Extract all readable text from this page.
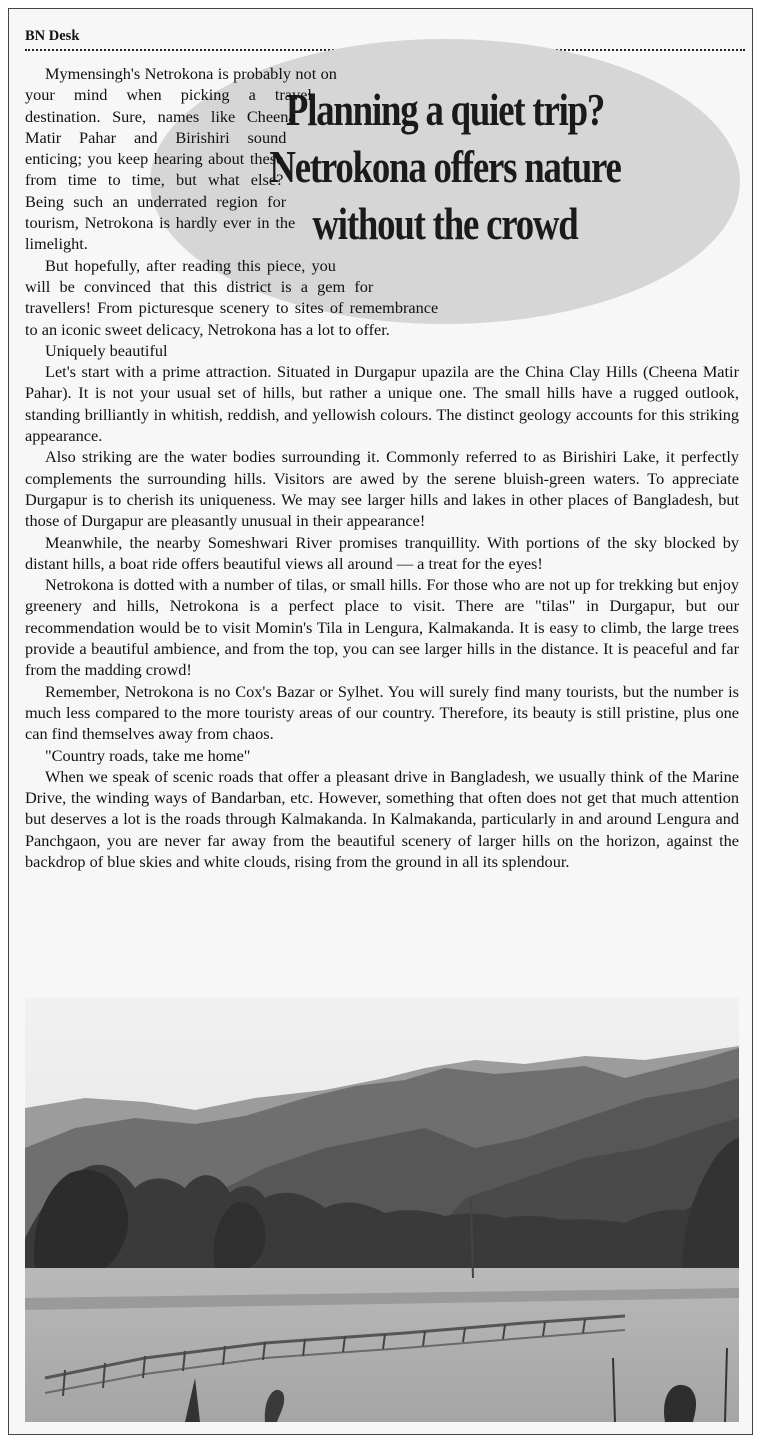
BN Desk
Planning a quiet trip?
Netrokona offers nature
without the crowd

Mymensingh's Netrokona is probably not on your mind when picking a travel destination. Sure, names like Cheena Matir Pahar and Birishiri sound enticing; you keep hearing about these from time to time, but what else? Being such an underrated region for tourism, Netrokona is hardly ever in the limelight.

But hopefully, after reading this piece, you will be convinced that this district is a gem for travellers! From picturesque scenery to sites of remembrance to an iconic sweet delicacy, Netrokona has a lot to offer.

Uniquely beautiful

Let's start with a prime attraction. Situated in Durgapur upazila are the China Clay Hills (Cheena Matir Pahar). It is not your usual set of hills, but rather a unique one. The small hills have a rugged outlook, standing brilliantly in whitish, reddish, and yellowish colours. The distinct geology accounts for this striking appearance.

Also striking are the water bodies surrounding it. Commonly referred to as Birishiri Lake, it perfectly complements the surrounding hills. Visitors are awed by the serene bluish-green waters. To appreciate Durgapur is to cherish its uniqueness. We may see larger hills and lakes in other places of Bangladesh, but those of Durgapur are pleasantly unusual in their appearance!

Meanwhile, the nearby Someshwari River promises tranquillity. With portions of the sky blocked by distant hills, a boat ride offers beautiful views all around — a treat for the eyes!

Netrokona is dotted with a number of tilas, or small hills. For those who are not up for trekking but enjoy greenery and hills, Netrokona is a perfect place to visit. There are "tilas" in Durgapur, but our recommendation would be to visit Momin's Tila in Lengura, Kalmakanda. It is easy to climb, the large trees provide a beautiful ambience, and from the top, you can see larger hills in the distance. It is peaceful and far from the madding crowd!

Remember, Netrokona is no Cox's Bazar or Sylhet. You will surely find many tourists, but the number is much less compared to the more touristy areas of our country. Therefore, its beauty is still pristine, plus one can find themselves away from chaos.

"Country roads, take me home"

When we speak of scenic roads that offer a pleasant drive in Bangladesh, we usually think of the Marine Drive, the winding ways of Bandarban, etc. However, something that often does not get that much attention but deserves a lot is the roads through Kalmakanda. In Kalmakanda, particularly in and around Lengura and Panchgaon, you are never far away from the beautiful scenery of larger hills on the horizon, against the backdrop of blue skies and white clouds, rising from the ground in all its splendour.
